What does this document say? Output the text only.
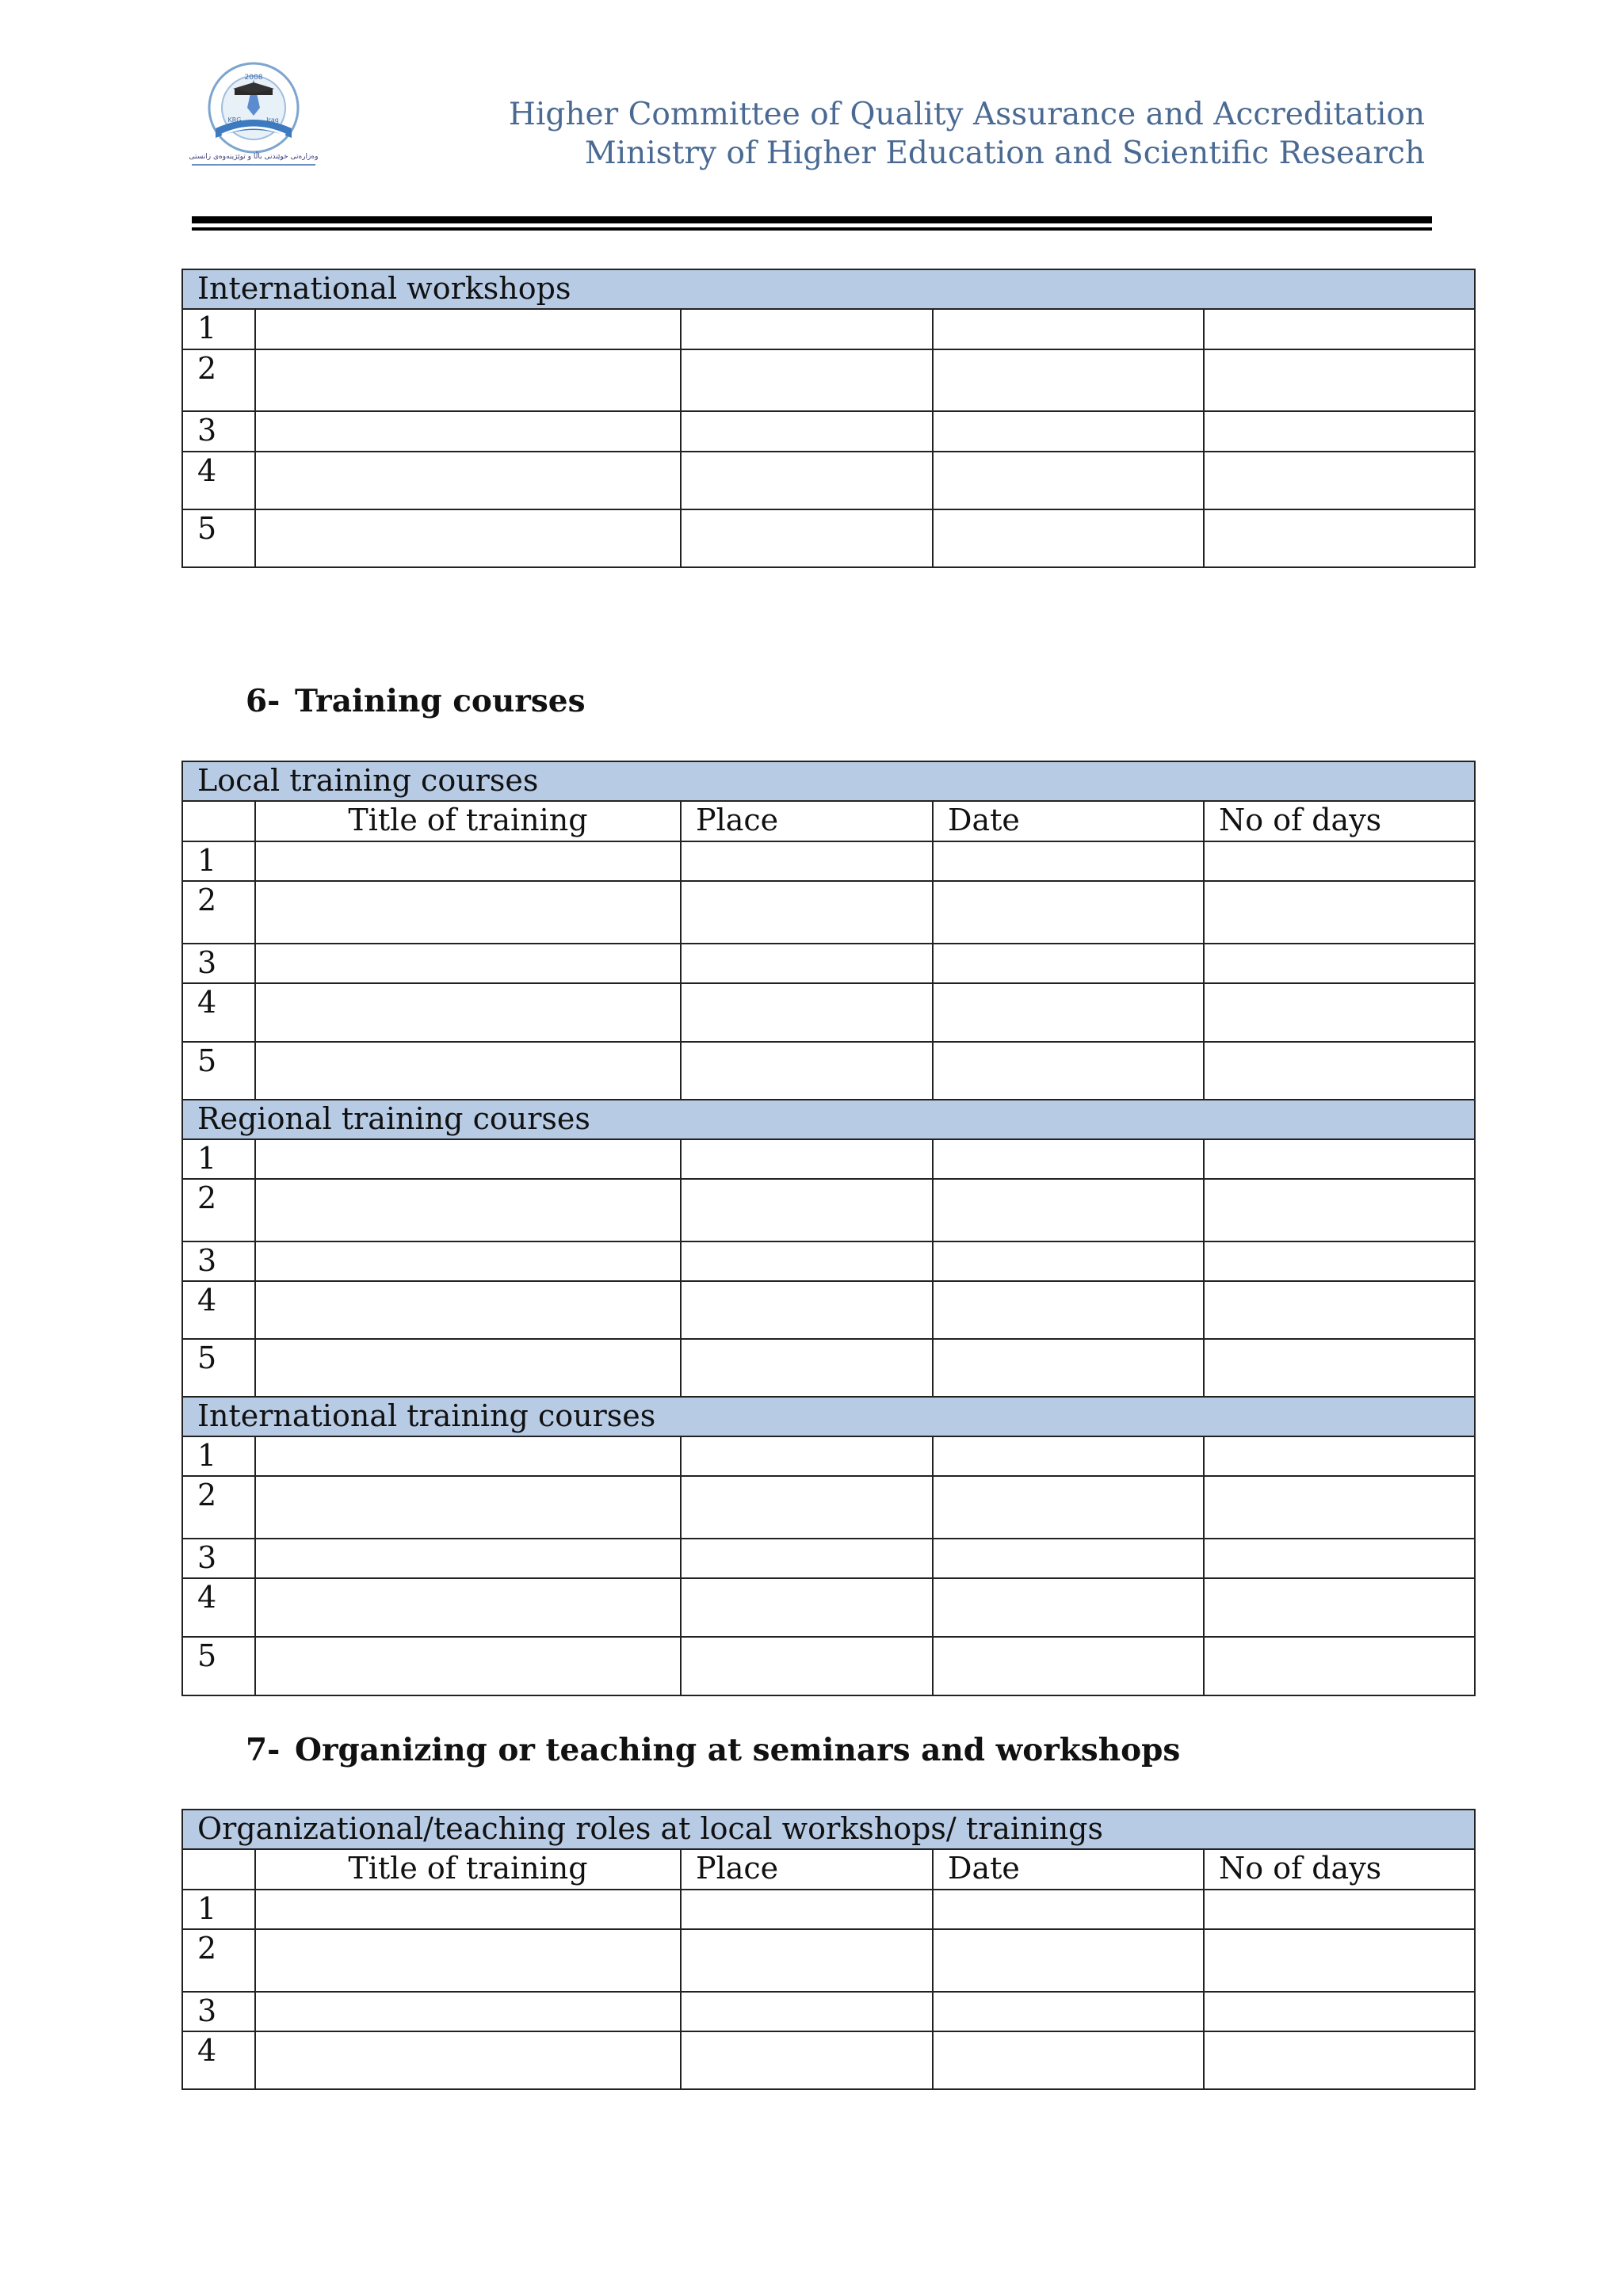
2008
KRG	Iraq
وەزارەتی خوێندنی باڵا و توێژینەوەی زانستی
Higher Committee of Quality Assurance and Accreditation
Ministry of Higher Education and Scientific Research
International workshops				
1				
2				
3				
4				
5				
6- Training courses
Local training courses				
	Title of training	Place	Date	No of days
1				
2				
3				
4				
5				
Regional training courses				
1				
2				
3				
4				
5				
International training courses				
1				
2				
3				
4				
5				
7- Organizing or teaching at seminars and workshops
Organizational/teaching roles at local workshops/ trainings				
	Title of training	Place	Date	No of days
1				
2				
3				
4				
